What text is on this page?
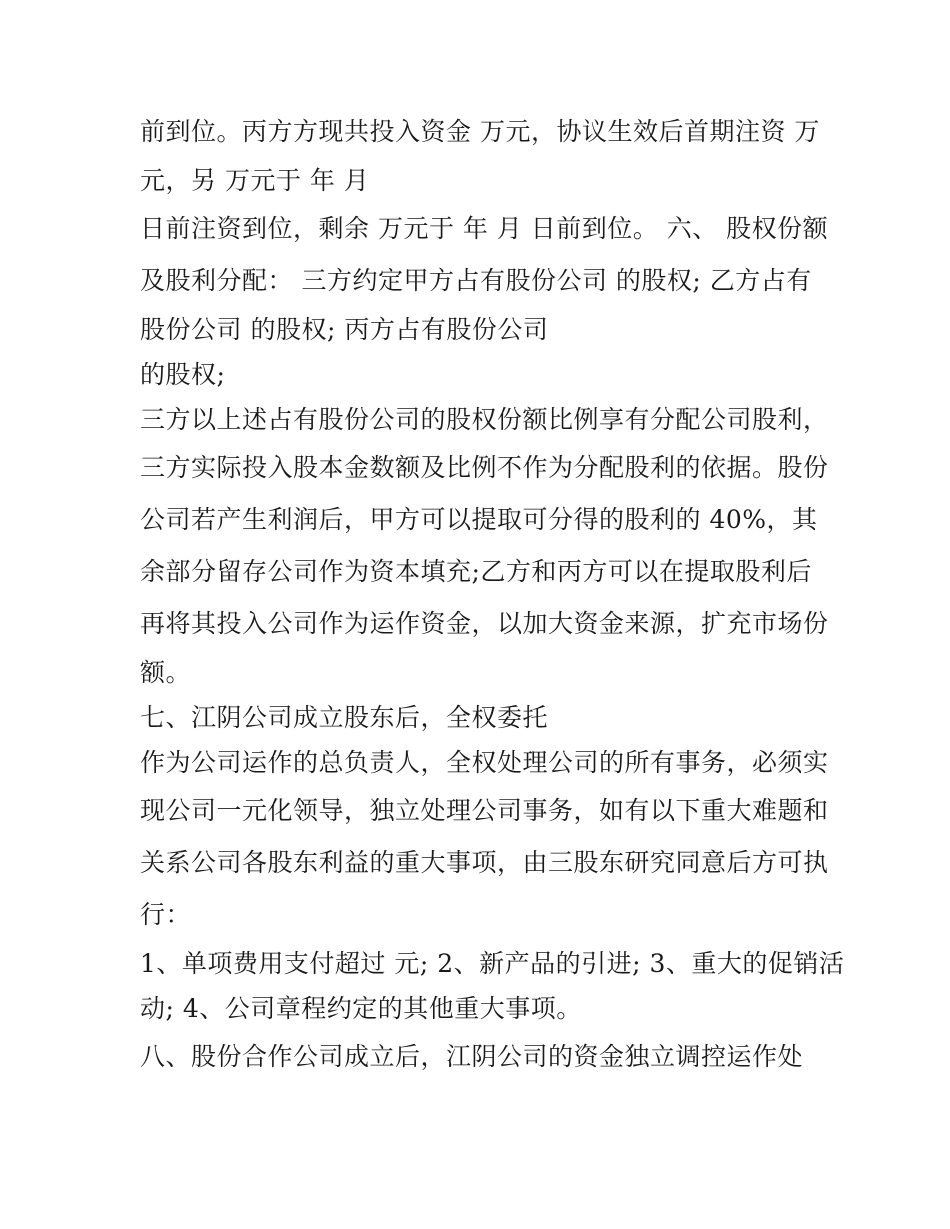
前到位。丙方方现共投入资金 万元，协议生效后首期注资 万
元，另 万元于 年 月
日前注资到位，剩余 万元于 年 月 日前到位。 六、 股权份额
及股利分配： 三方约定甲方占有股份公司 的股权; 乙方占有
股份公司 的股权; 丙方占有股份公司
的股权;
三方以上述占有股份公司的股权份额比例享有分配公司股利，
三方实际投入股本金数额及比例不作为分配股利的依据。股份
公司若产生利润后，甲方可以提取可分得的股利的 40%，其
余部分留存公司作为资本填充;乙方和丙方可以在提取股利后
再将其投入公司作为运作资金，以加大资金来源，扩充市场份
额。
七、江阴公司成立股东后，全权委托
作为公司运作的总负责人，全权处理公司的所有事务，必须实
现公司一元化领导，独立处理公司事务，如有以下重大难题和
关系公司各股东利益的重大事项，由三股东研究同意后方可执
行：
1、单项费用支付超过 元; 2、新产品的引进; 3、重大的促销活
动; 4、公司章程约定的其他重大事项。
八、股份合作公司成立后，江阴公司的资金独立调控运作处
